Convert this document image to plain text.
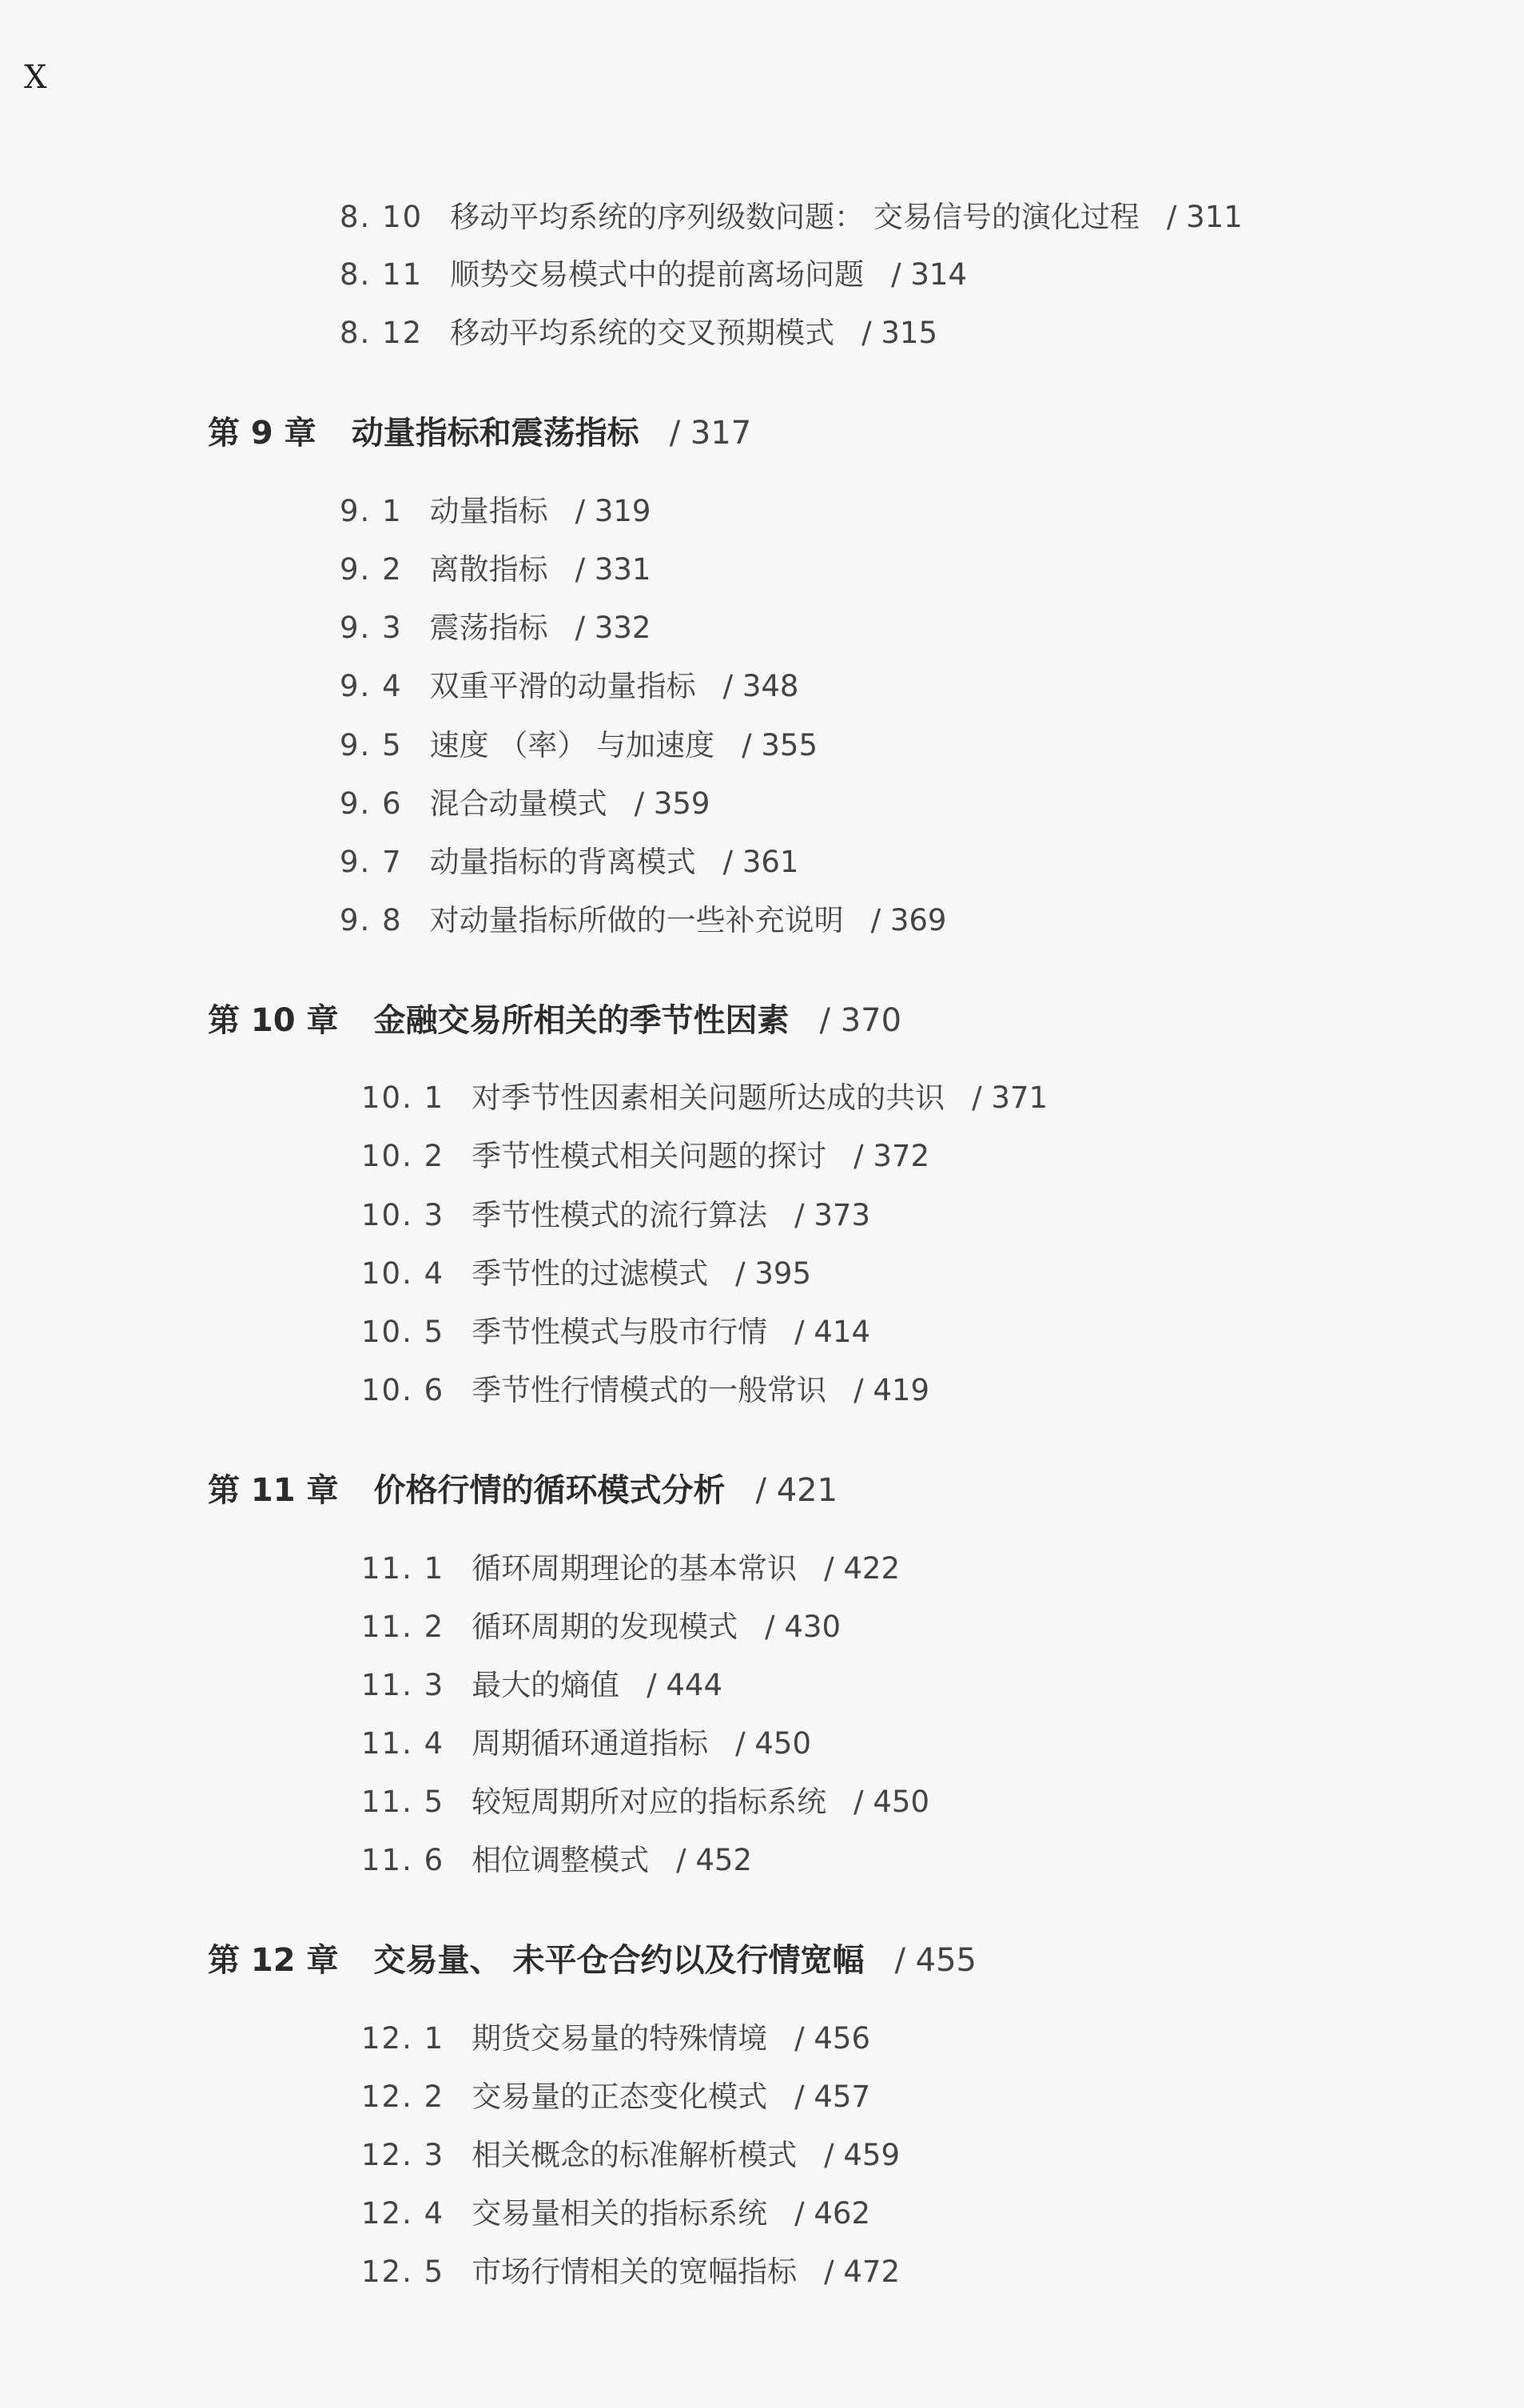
X
8. 10 移动平均系统的序列级数问题： 交易信号的演化过程 / 311
8. 11 顺势交易模式中的提前离场问题 / 314
8. 12 移动平均系统的交叉预期模式 / 315
第 9 章 动量指标和震荡指标 / 317
9. 1 动量指标 / 319
9. 2 离散指标 / 331
9. 3 震荡指标 / 332
9. 4 双重平滑的动量指标 / 348
9. 5 速度 （率） 与加速度 / 355
9. 6 混合动量模式 / 359
9. 7 动量指标的背离模式 / 361
9. 8 对动量指标所做的一些补充说明 / 369
第 10 章 金融交易所相关的季节性因素 / 370
10. 1 对季节性因素相关问题所达成的共识 / 371
10. 2 季节性模式相关问题的探讨 / 372
10. 3 季节性模式的流行算法 / 373
10. 4 季节性的过滤模式 / 395
10. 5 季节性模式与股市行情 / 414
10. 6 季节性行情模式的一般常识 / 419
第 11 章 价格行情的循环模式分析 / 421
11. 1 循环周期理论的基本常识 / 422
11. 2 循环周期的发现模式 / 430
11. 3 最大的熵值 / 444
11. 4 周期循环通道指标 / 450
11. 5 较短周期所对应的指标系统 / 450
11. 6 相位调整模式 / 452
第 12 章 交易量、 未平仓合约以及行情宽幅 / 455
12. 1 期货交易量的特殊情境 / 456
12. 2 交易量的正态变化模式 / 457
12. 3 相关概念的标准解析模式 / 459
12. 4 交易量相关的指标系统 / 462
12. 5 市场行情相关的宽幅指标 / 472
